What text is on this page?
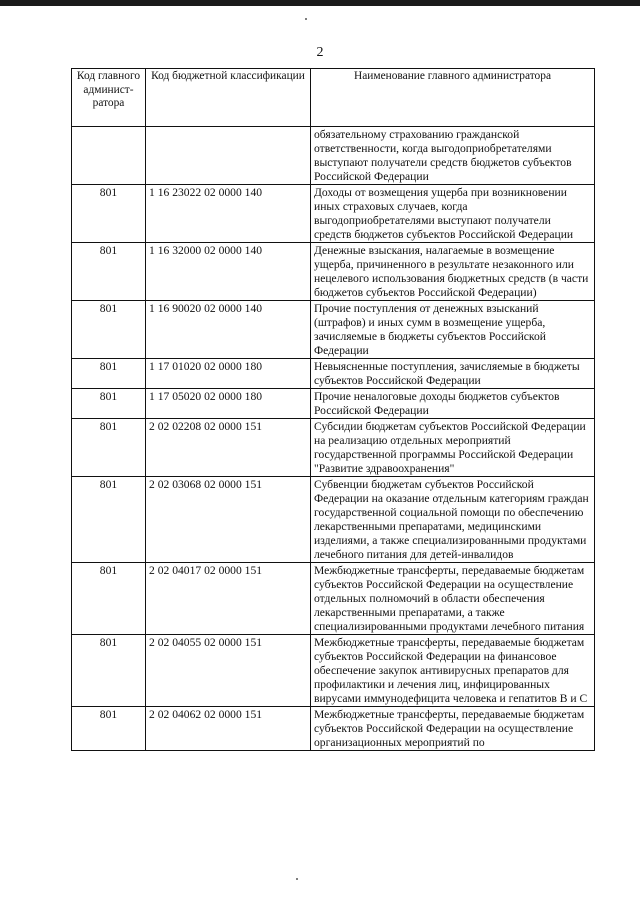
2
Код главного админист-ратора	Код бюджетной классификации	Наименование главного администратора
		обязательному страхованию гражданской ответственности, когда выгодоприобретателями выступают получатели средств бюджетов субъектов Российской Федерации
801	1 16 23022 02 0000 140	Доходы от возмещения ущерба при возникновении иных страховых случаев, когда выгодоприобретателями выступают получатели средств бюджетов субъектов Российской Федерации
801	1 16 32000 02 0000 140	Денежные взыскания, налагаемые в возмещение ущерба, причиненного в результате незаконного или нецелевого использования бюджетных средств (в части бюджетов субъектов Российской Федерации)
801	1 16 90020 02 0000 140	Прочие поступления от денежных взысканий (штрафов) и иных сумм в возмещение ущерба, зачисляемые в бюджеты субъектов Российской Федерации
801	1 17 01020 02 0000 180	Невыясненные поступления, зачисляемые в бюджеты субъектов Российской Федерации
801	1 17 05020 02 0000 180	Прочие неналоговые доходы бюджетов субъектов Российской Федерации
801	2 02 02208 02 0000 151	Субсидии бюджетам субъектов Российской Федерации на реализацию отдельных мероприятий государственной программы Российской Федерации "Развитие здравоохранения"
801	2 02 03068 02 0000 151	Субвенции бюджетам субъектов Российской Федерации на оказание отдельным категориям граждан государственной социальной помощи по обеспечению лекарственными препаратами, медицинскими изделиями, а также специализированными продуктами лечебного питания для детей-инвалидов
801	2 02 04017 02 0000 151	Межбюджетные трансферты, передаваемые бюджетам субъектов Российской Федерации на осуществление отдельных полномочий в области обеспечения лекарственными препаратами, а также специализированными продуктами лечебного питания
801	2 02 04055 02 0000 151	Межбюджетные трансферты, передаваемые бюджетам субъектов Российской Федерации на финансовое обеспечение закупок антивирусных препаратов для профилактики и лечения лиц, инфицированных вирусами иммунодефицита человека и гепатитов В и С
801	2 02 04062 02 0000 151	Межбюджетные трансферты, передаваемые бюджетам субъектов Российской Федерации на осуществление организационных мероприятий по
